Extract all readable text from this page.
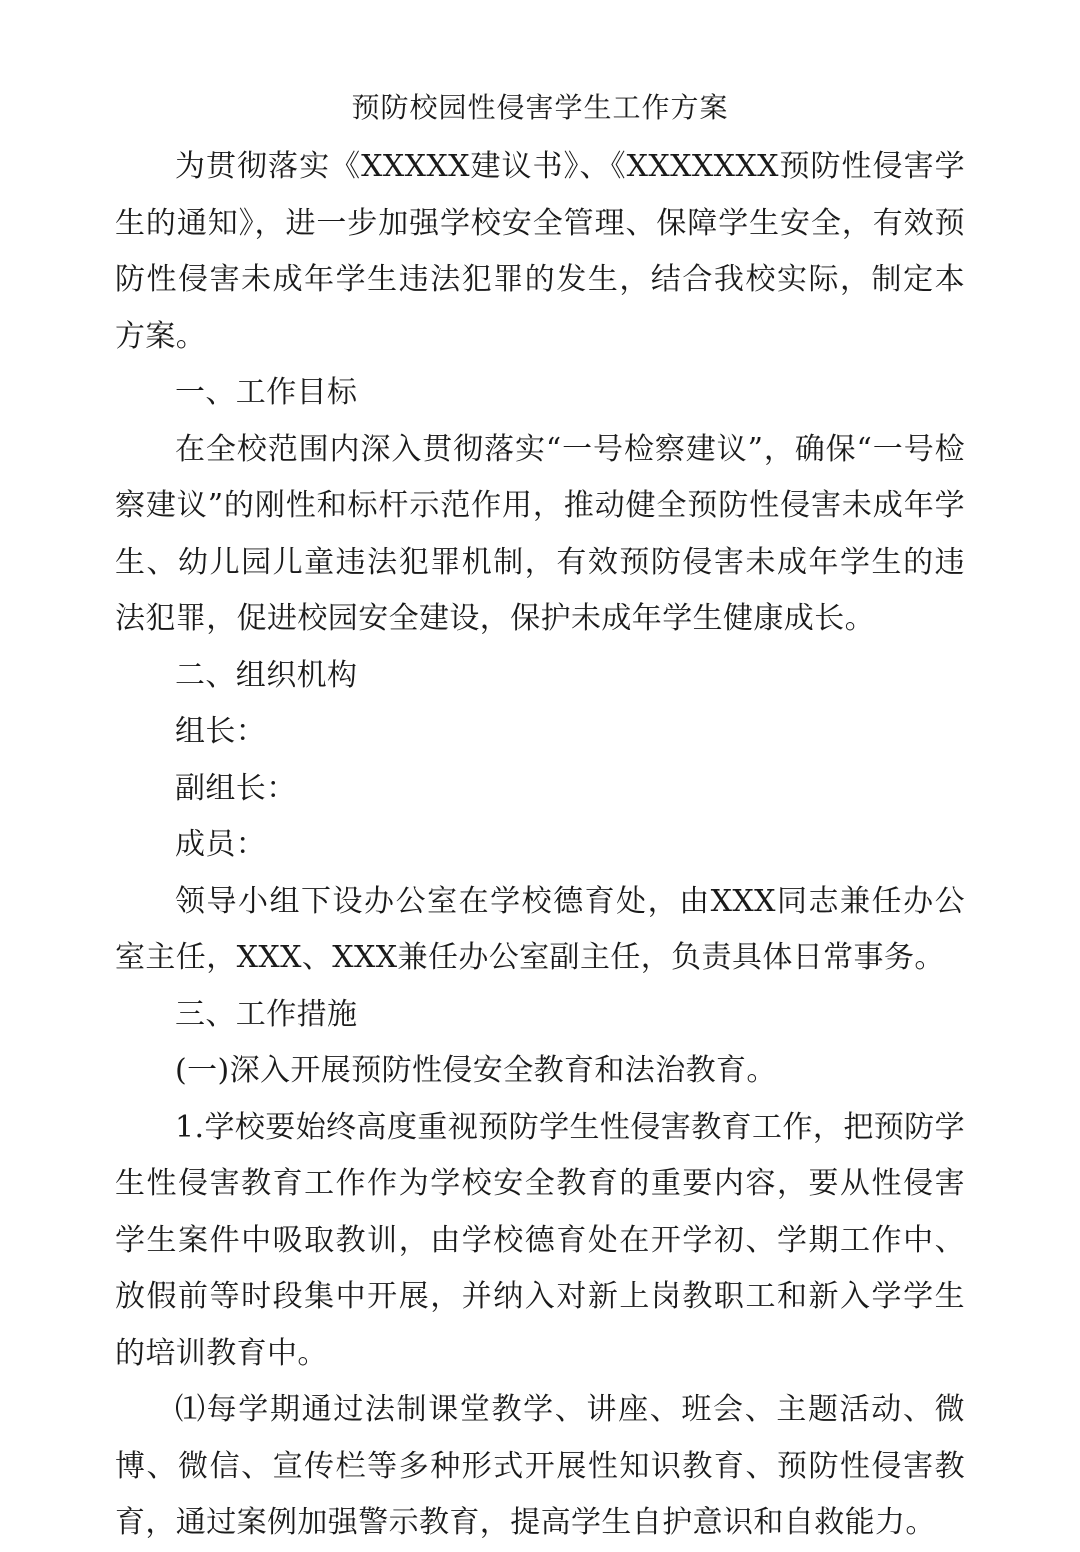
预防校园性侵害学生工作方案

为贯彻落实《XXXXX建议书》、《XXXXXXX预防性侵害学生的通知》，进一步加强学校安全管理、保障学生安全，有效预防性侵害未成年学生违法犯罪的发生，结合我校实际，制定本方案。

一、工作目标

在全校范围内深入贯彻落实“一号检察建议”，确保“一号检察建议”的刚性和标杆示范作用，推动健全预防性侵害未成年学生、幼儿园儿童违法犯罪机制，有效预防侵害未成年学生的违法犯罪，促进校园安全建设，保护未成年学生健康成长。

二、组织机构

组长：

副组长：

成员：

领导小组下设办公室在学校德育处，由XXX同志兼任办公室主任，XXX、XXX兼任办公室副主任，负责具体日常事务。

三、工作措施

(一)深入开展预防性侵安全教育和法治教育。

1.学校要始终高度重视预防学生性侵害教育工作，把预防学生性侵害教育工作作为学校安全教育的重要内容，要从性侵害学生案件中吸取教训，由学校德育处在开学初、学期工作中、放假前等时段集中开展，并纳入对新上岗教职工和新入学学生的培训教育中。

⑴每学期通过法制课堂教学、讲座、班会、主题活动、微博、微信、宣传栏等多种形式开展性知识教育、预防性侵害教育，通过案例加强警示教育，提高学生自护意识和自救能力。
